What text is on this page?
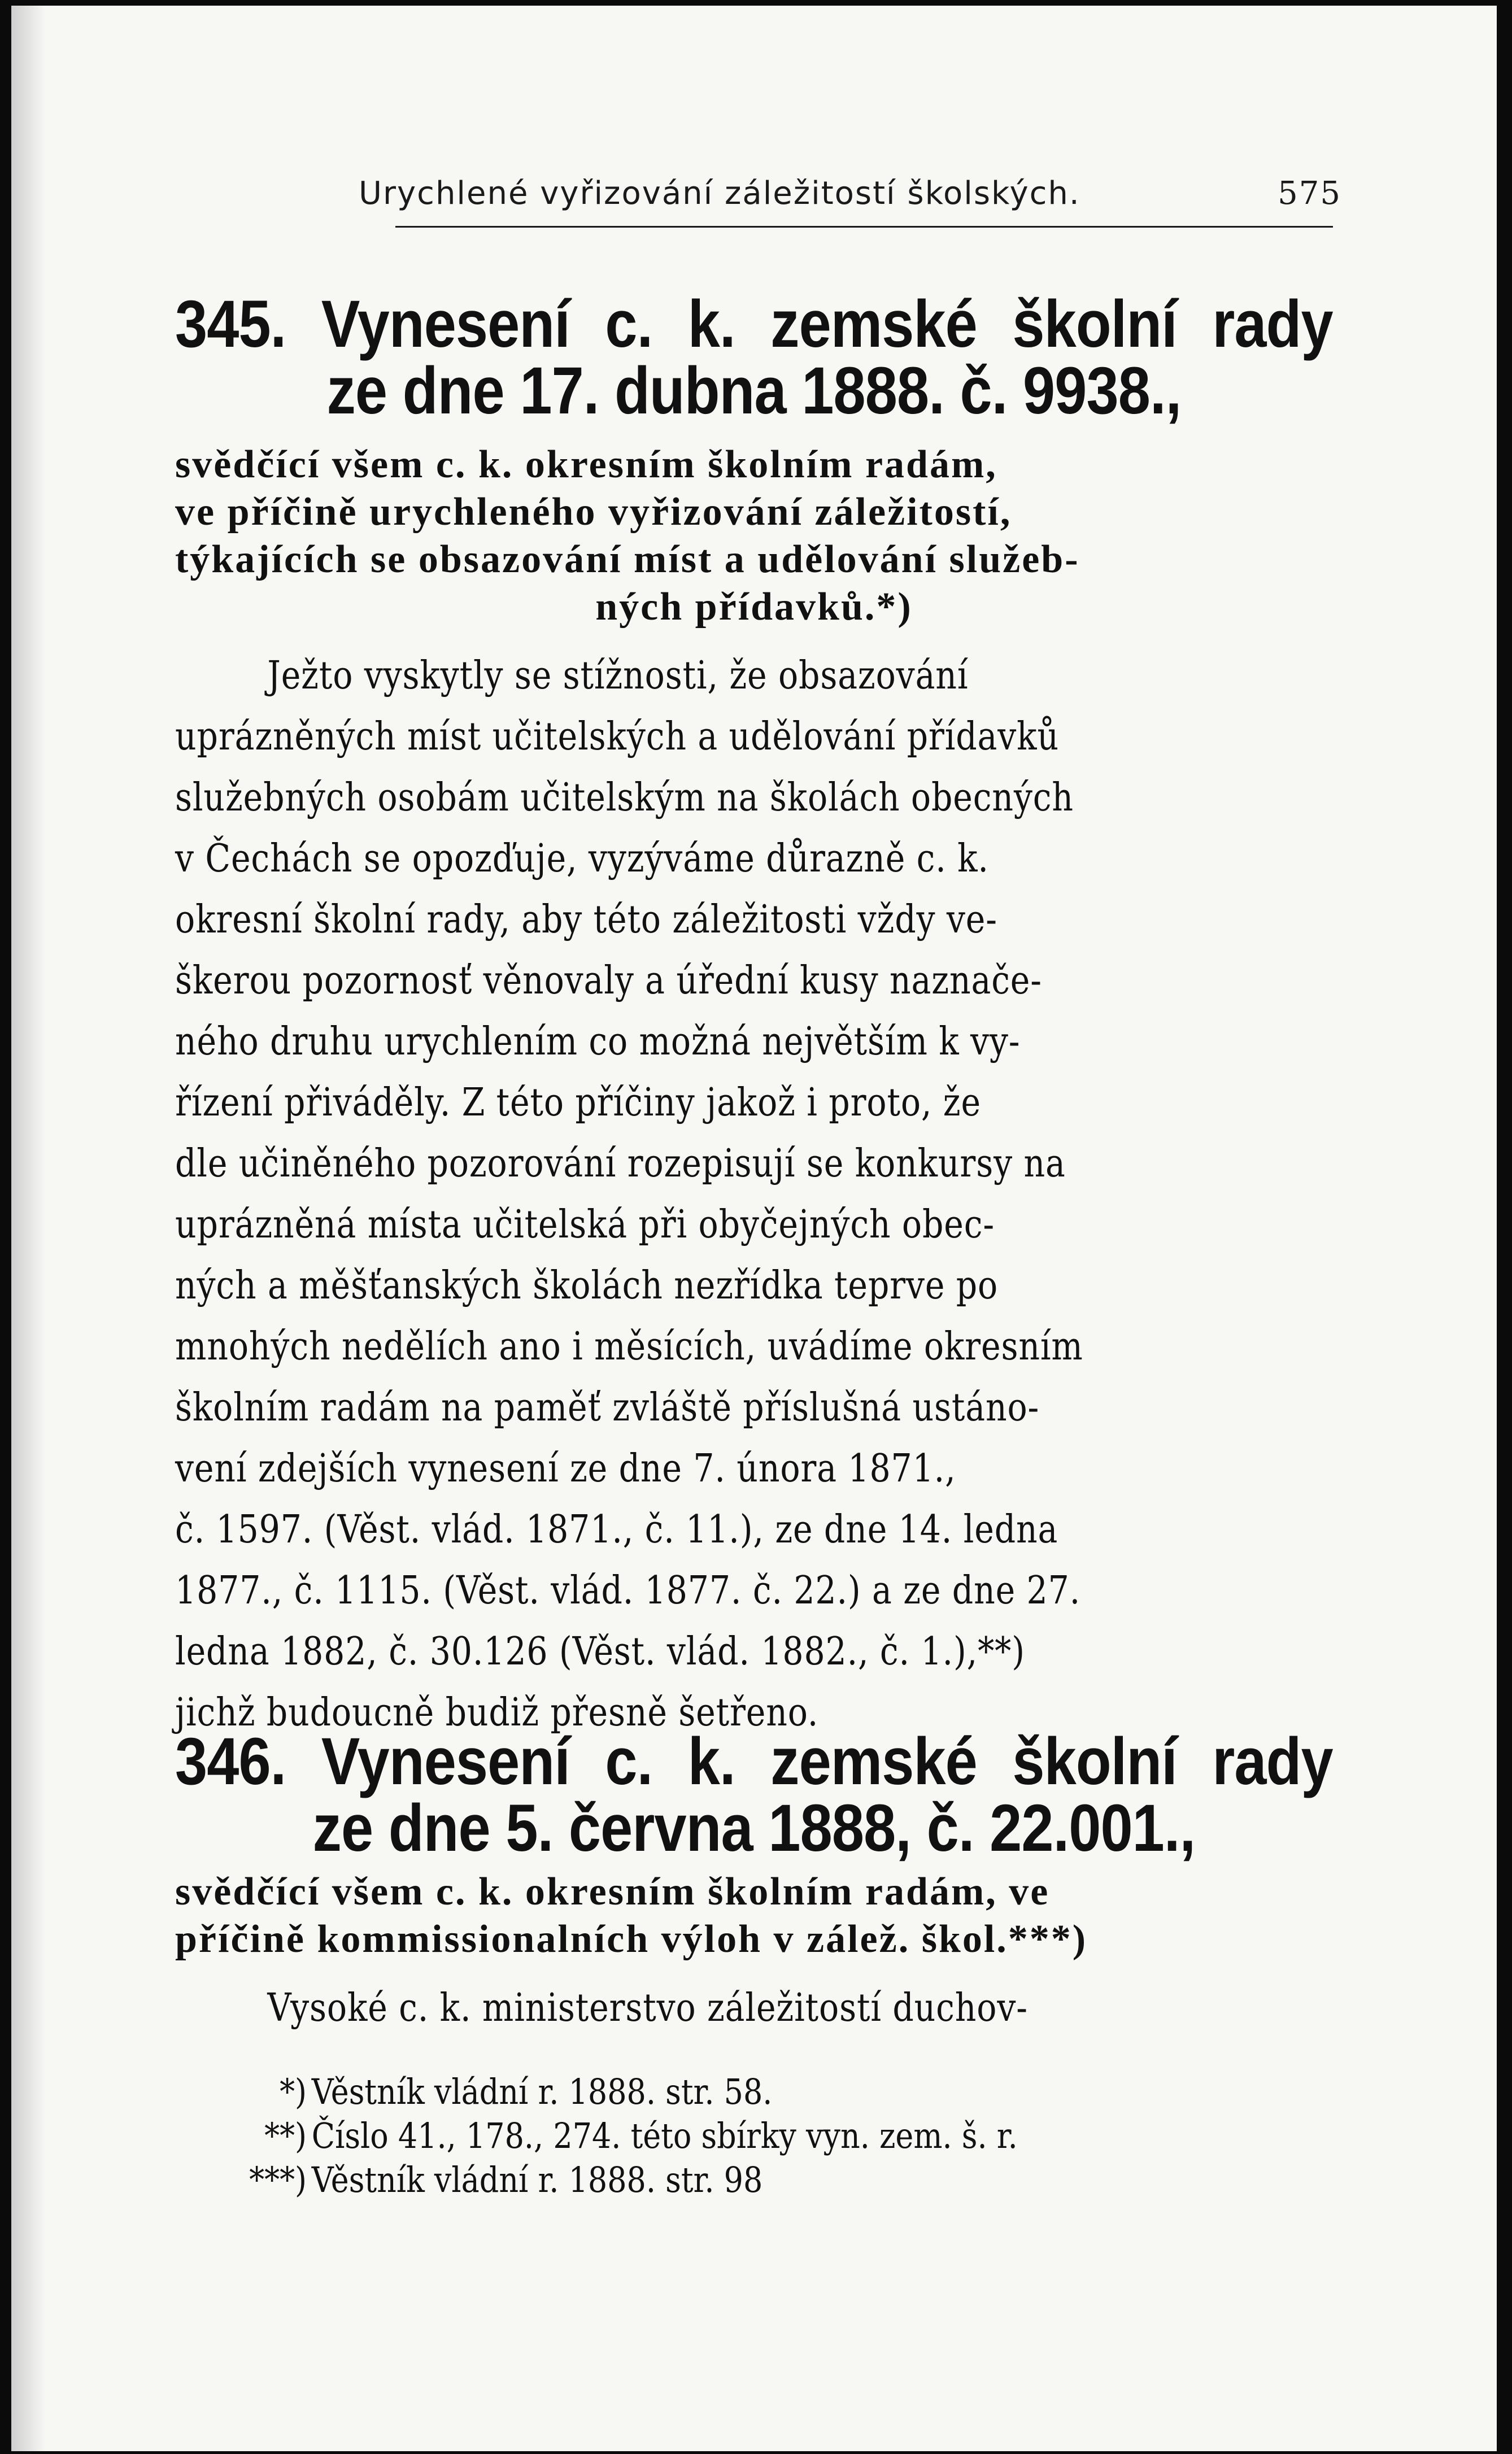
Urychlené vyřizování záležitostí školských.	575
345. Vynesení c. k. zemské školní rady
ze dne 17. dubna 1888. č. 9938.,
svědčící všem c. k. okresním školním radám,
ve příčině urychleného vyřizování záležitostí,
týkajících se obsazování míst a udělování služeb-
ných přídavků.*)
Ježto vyskytly se stížnosti, že obsazování
uprázněných míst učitelských a udělování přídavků
služebných osobám učitelským na školách obecných
v Čechách se opozďuje, vyzýváme důrazně c. k.
okresní školní rady, aby této záležitosti vždy ve-
škerou pozornosť věnovaly a úřední kusy naznače-
ného druhu urychlením co možná největším k vy-
řízení přiváděly. Z této příčiny jakož i proto, že
dle učiněného pozorování rozepisují se konkursy na
uprázněná místa učitelská při obyčejných obec-
ných a měšťanských školách nezřídka teprve po
mnohých nedělích ano i měsících, uvádíme okresním
školním radám na paměť zvláště příslušná ustáno-
vení zdejších vynesení ze dne 7. února 1871.,
č. 1597. (Věst. vlád. 1871., č. 11.), ze dne 14. ledna
1877., č. 1115. (Věst. vlád. 1877. č. 22.) a ze dne 27.
ledna 1882, č. 30.126 (Věst. vlád. 1882., č. 1.),**)
jichž budoucně budiž přesně šetřeno.
346. Vynesení c. k. zemské školní rady
ze dne 5. června 1888, č. 22.001.,
svědčící všem c. k. okresním školním radám, ve
příčině kommissionalních výloh v zálež. škol.***)
Vysoké c. k. ministerstvo záležitostí duchov-
*) Věstník vládní r. 1888. str. 58.
**) Číslo 41., 178., 274. této sbírky vyn. zem. š. r.
***) Věstník vládní r. 1888. str. 98
